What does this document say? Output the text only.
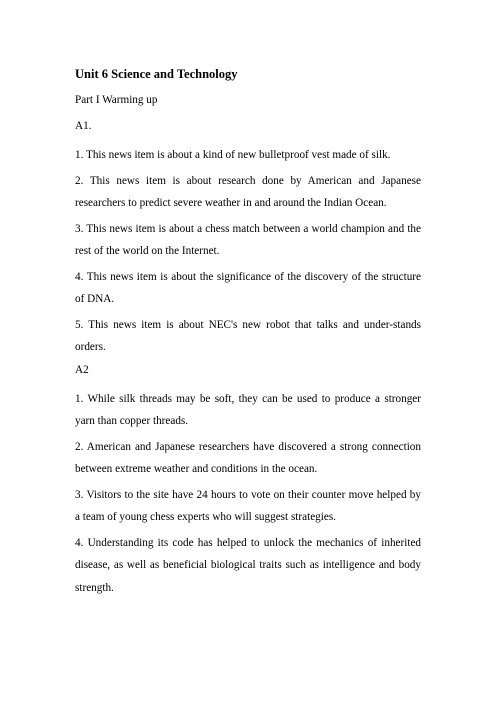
Unit 6 Science and Technology
Part I Warming up
A1.

1. This news item is about a kind of new bulletproof vest made of silk.

2. This news item is about research done by American and Japanese researchers to predict severe weather in and around the Indian Ocean.

3. This news item is about a chess match between a world champion and the rest of the world on the Internet.

4. This news item is about the significance of the discovery of the structure of DNA.

5. This news item is about NEC's new robot that talks and under-stands orders.

A2

1. While silk threads may be soft, they can be used to produce a stronger yarn than copper threads.

2. American and Japanese researchers have discovered a strong connection between extreme weather and conditions in the ocean.

3. Visitors to the site have 24 hours to vote on their counter move helped by a team of young chess experts who will suggest strategies.

4. Understanding its code has helped to unlock the mechanics of inherited disease, as well as beneficial biological traits such as intelligence and body strength.
